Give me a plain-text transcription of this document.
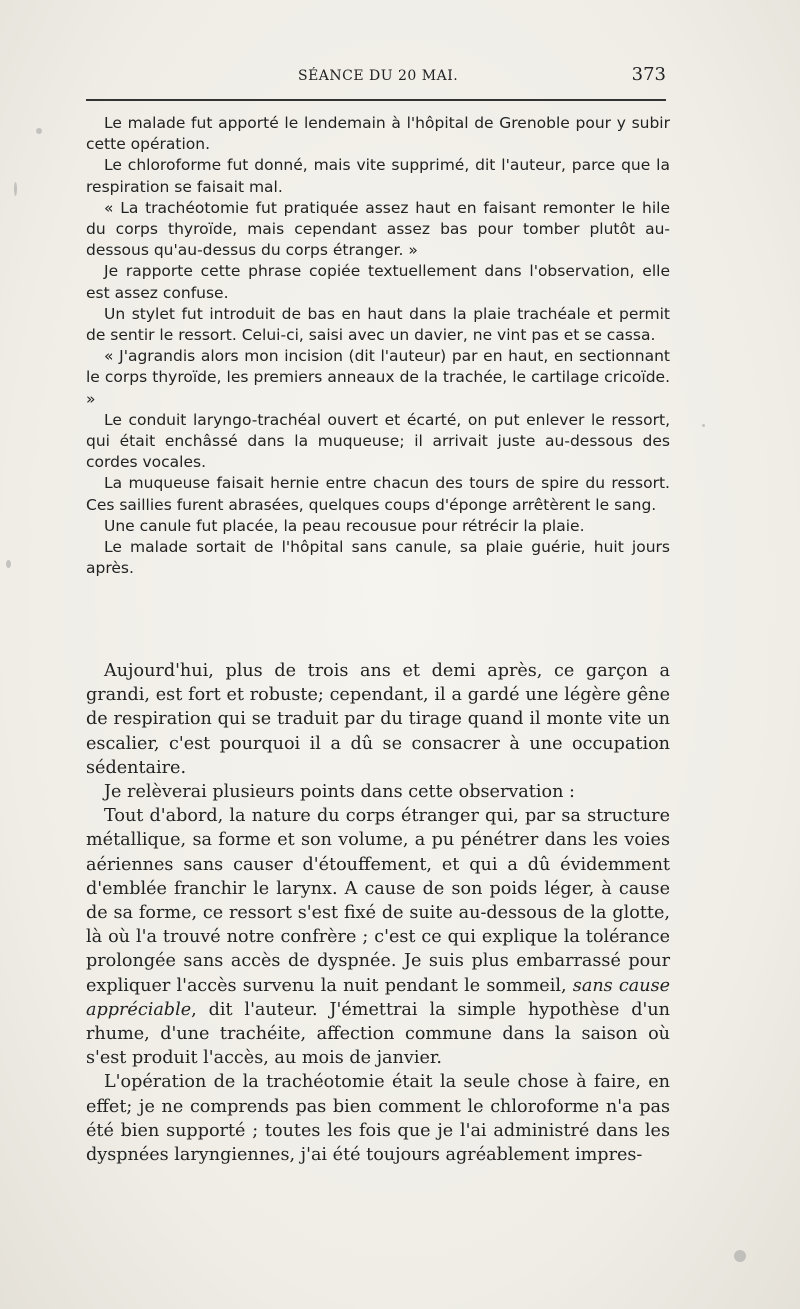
SÉANCE DU 20 MAI.	373

Le malade fut apporté le lendemain à l'hôpital de Grenoble pour y subir cette opération.

Le chloroforme fut donné, mais vite supprimé, dit l'auteur, parce que la respiration se faisait mal.

« La trachéotomie fut pratiquée assez haut en faisant remonter le hile du corps thyroïde, mais cependant assez bas pour tomber plutôt au-dessous qu'au-dessus du corps étranger. »

Je rapporte cette phrase copiée textuellement dans l'observation, elle est assez confuse.

Un stylet fut introduit de bas en haut dans la plaie trachéale et permit de sentir le ressort. Celui-ci, saisi avec un davier, ne vint pas et se cassa.

« J'agrandis alors mon incision (dit l'auteur) par en haut, en sectionnant le corps thyroïde, les premiers anneaux de la trachée, le cartilage cricoïde. »

Le conduit laryngo-trachéal ouvert et écarté, on put enlever le ressort, qui était enchâssé dans la muqueuse; il arrivait juste au-dessous des cordes vocales.

La muqueuse faisait hernie entre chacun des tours de spire du ressort. Ces saillies furent abrasées, quelques coups d'éponge arrêtèrent le sang.

Une canule fut placée, la peau recousue pour rétrécir la plaie.

Le malade sortait de l'hôpital sans canule, sa plaie guérie, huit jours après.

Aujourd'hui, plus de trois ans et demi après, ce garçon a grandi, est fort et robuste; cependant, il a gardé une légère gêne de respiration qui se traduit par du tirage quand il monte vite un escalier, c'est pourquoi il a dû se consacrer à une occupation sédentaire.

Je relèverai plusieurs points dans cette observation :

Tout d'abord, la nature du corps étranger qui, par sa structure métallique, sa forme et son volume, a pu pénétrer dans les voies aériennes sans causer d'étouffement, et qui a dû évidemment d'emblée franchir le larynx. A cause de son poids léger, à cause de sa forme, ce ressort s'est fixé de suite au-dessous de la glotte, là où l'a trouvé notre confrère ; c'est ce qui explique la tolérance prolongée sans accès de dyspnée. Je suis plus embarrassé pour expliquer l'accès survenu la nuit pendant le sommeil, sans cause appréciable, dit l'auteur. J'émettrai la simple hypothèse d'un rhume, d'une trachéite, affection commune dans la saison où s'est produit l'accès, au mois de janvier.

L'opération de la trachéotomie était la seule chose à faire, en effet; je ne comprends pas bien comment le chloroforme n'a pas été bien supporté ; toutes les fois que je l'ai administré dans les dyspnées laryngiennes, j'ai été toujours agréablement impres-
